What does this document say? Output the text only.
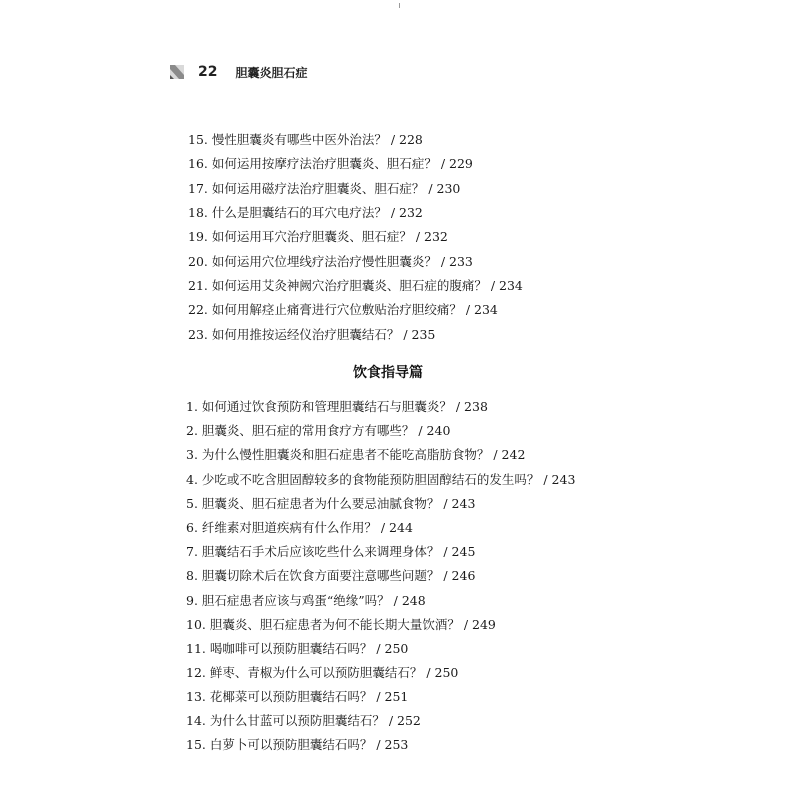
22 胆囊炎胆石症
15. 慢性胆囊炎有哪些中医外治法？ / 228
16. 如何运用按摩疗法治疗胆囊炎、胆石症？ / 229
17. 如何运用磁疗法治疗胆囊炎、胆石症？ / 230
18. 什么是胆囊结石的耳穴电疗法？ / 232
19. 如何运用耳穴治疗胆囊炎、胆石症？ / 232
20. 如何运用穴位埋线疗法治疗慢性胆囊炎？ / 233
21. 如何运用艾灸神阙穴治疗胆囊炎、胆石症的腹痛？ / 234
22. 如何用解痉止痛膏进行穴位敷贴治疗胆绞痛？ / 234
23. 如何用推按运经仪治疗胆囊结石？ / 235
饮食指导篇
1. 如何通过饮食预防和管理胆囊结石与胆囊炎？ / 238
2. 胆囊炎、胆石症的常用食疗方有哪些？ / 240
3. 为什么慢性胆囊炎和胆石症患者不能吃高脂肪食物？ / 242
4. 少吃或不吃含胆固醇较多的食物能预防胆固醇结石的发生吗？ / 243
5. 胆囊炎、胆石症患者为什么要忌油腻食物？ / 243
6. 纤维素对胆道疾病有什么作用？ / 244
7. 胆囊结石手术后应该吃些什么来调理身体？ / 245
8. 胆囊切除术后在饮食方面要注意哪些问题？ / 246
9. 胆石症患者应该与鸡蛋“绝缘”吗？ / 248
10. 胆囊炎、胆石症患者为何不能长期大量饮酒？ / 249
11. 喝咖啡可以预防胆囊结石吗？ / 250
12. 鲜枣、青椒为什么可以预防胆囊结石？ / 250
13. 花椰菜可以预防胆囊结石吗？ / 251
14. 为什么甘蓝可以预防胆囊结石？ / 252
15. 白萝卜可以预防胆囊结石吗？ / 253
